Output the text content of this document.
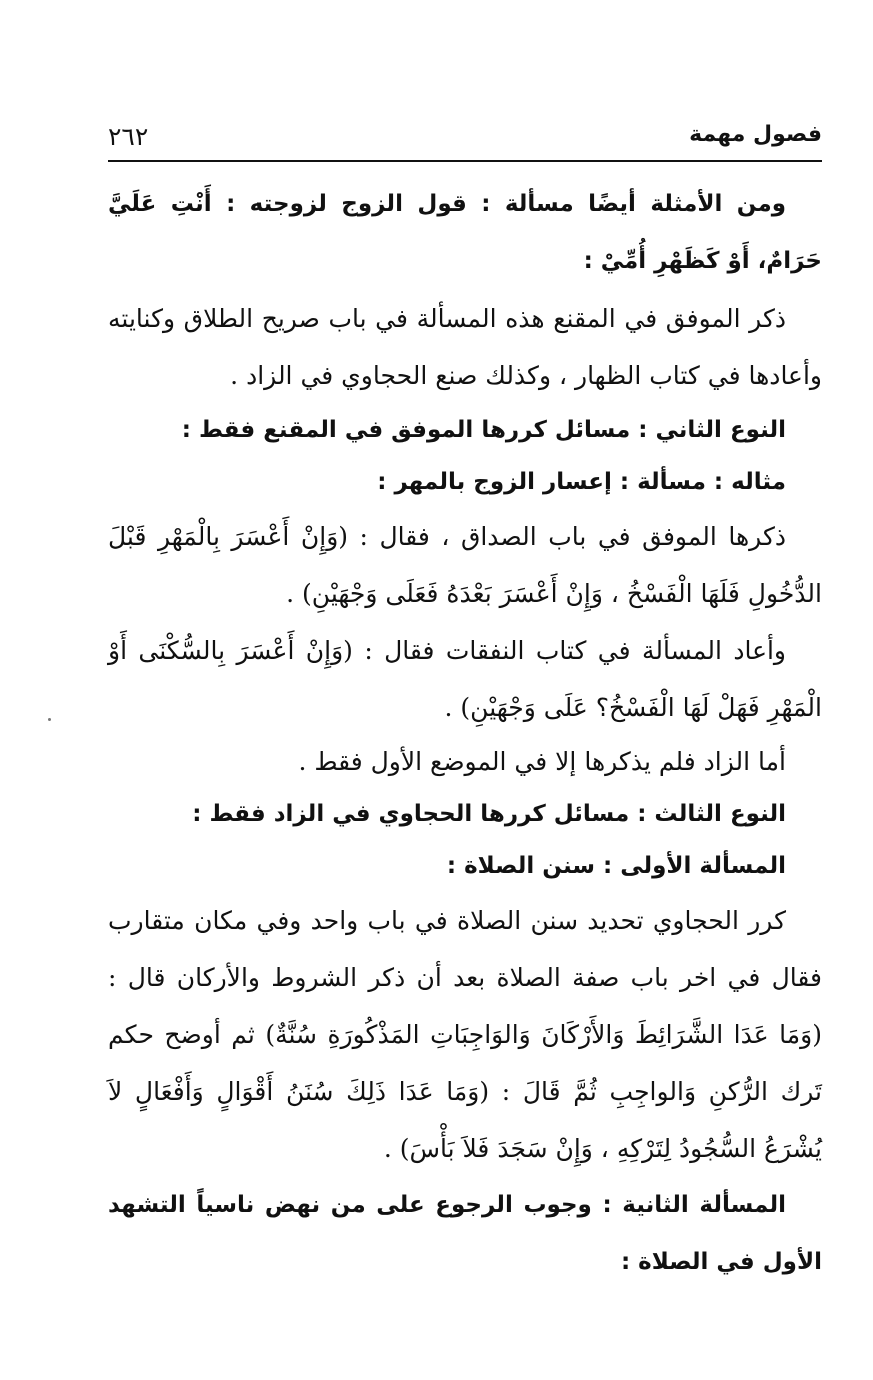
٢٦٢	فصول مهمة

ومن الأمثلة أيضًا مسألة : قول الزوج لزوجته : أَنْتِ عَلَيَّ حَرَامٌ، أَوْ كَظَهْرِ أُمِّيْ :

ذكر الموفق في المقنع هذه المسألة في باب صريح الطلاق وكنايته وأعادها في كتاب الظهار ، وكذلك صنع الحجاوي في الزاد .

النوع الثاني : مسائل كررها الموفق في المقنع فقط :

مثاله : مسألة : إعسار الزوج بالمهر :

ذكرها الموفق في باب الصداق ، فقال : (وَإِنْ أَعْسَرَ بِالْمَهْرِ قَبْلَ الدُّخُولِ فَلَهَا الْفَسْخُ ، وَإِنْ أَعْسَرَ بَعْدَهُ فَعَلَى وَجْهَيْنِ) .

وأعاد المسألة في كتاب النفقات فقال : (وَإِنْ أَعْسَرَ بِالسُّكْنَى أَوْ الْمَهْرِ فَهَلْ لَهَا الْفَسْخُ؟ عَلَى وَجْهَيْنِ) .

أما الزاد فلم يذكرها إلا في الموضع الأول فقط .

النوع الثالث : مسائل كررها الحجاوي في الزاد فقط :

المسألة الأولى : سنن الصلاة :

كرر الحجاوي تحديد سنن الصلاة في باب واحد وفي مكان متقارب فقال في اخر باب صفة الصلاة بعد أن ذكر الشروط والأركان قال : (وَمَا عَدَا الشَّرَائِطَ وَالأَرْكَانَ وَالوَاجِبَاتِ المَذْكُورَةِ سُنَّةٌ) ثم أوضح حكم تَرك الرُّكنِ وَالواجِبِ ثُمَّ قَالَ : (وَمَا عَدَا ذَلِكَ سُنَنُ أَقْوَالٍ وَأَفْعَالٍ لاَ يُشْرَعُ السُّجُودُ لِتَرْكِهِ ، وَإِنْ سَجَدَ فَلاَ بَأْسَ) .

المسألة الثانية : وجوب الرجوع على من نهض ناسياً التشهد الأول في الصلاة :
